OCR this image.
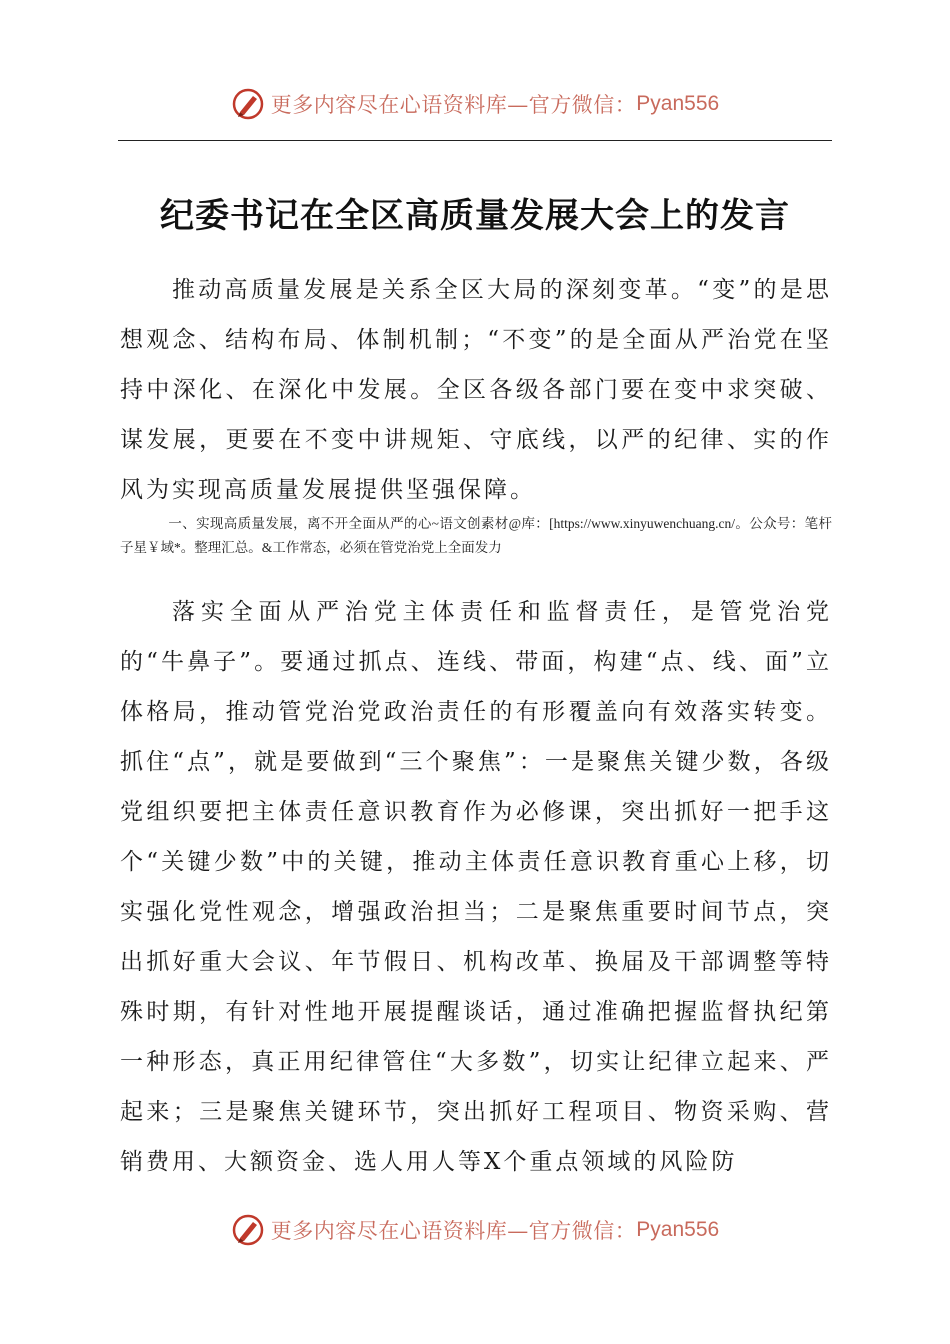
更多内容尽在心语资料库—官方微信： Pyan556
纪委书记在全区高质量发展大会上的发言

推动高质量发展是关系全区大局的深刻变革。“变”的是思想观念、结构布局、体制机制；“不变”的是全面从严治党在坚持中深化、在深化中发展。全区各级各部门要在变中求突破、谋发展，更要在不变中讲规矩、守底线，以严的纪律、实的作风为实现高质量发展提供坚强保障。

一、实现高质量发展，离不开全面从严的心~语文创素材@库：[https://www.xinyuwenchuang.cn/。公众号：笔杆子星￥域*。整理汇总。&工作常态，必须在管党治党上全面发力

落实全面从严治党主体责任和监督责任，是管党治党的“牛鼻子”。要通过抓点、连线、带面，构建“点、线、面”立体格局，推动管党治党政治责任的有形覆盖向有效落实转变。抓住“点”，就是要做到“三个聚焦”：一是聚焦关键少数，各级党组织要把主体责任意识教育作为必修课，突出抓好一把手这个“关键少数”中的关键，推动主体责任意识教育重心上移，切实强化党性观念，增强政治担当；二是聚焦重要时间节点，突出抓好重大会议、年节假日、机构改革、换届及干部调整等特殊时期，有针对性地开展提醒谈话，通过准确把握监督执纪第一种形态，真正用纪律管住“大多数”，切实让纪律立起来、严起来；三是聚焦关键环节，突出抓好工程项目、物资采购、营销费用、大额资金、选人用人等X个重点领域的风险防

更多内容尽在心语资料库—官方微信： Pyan556
